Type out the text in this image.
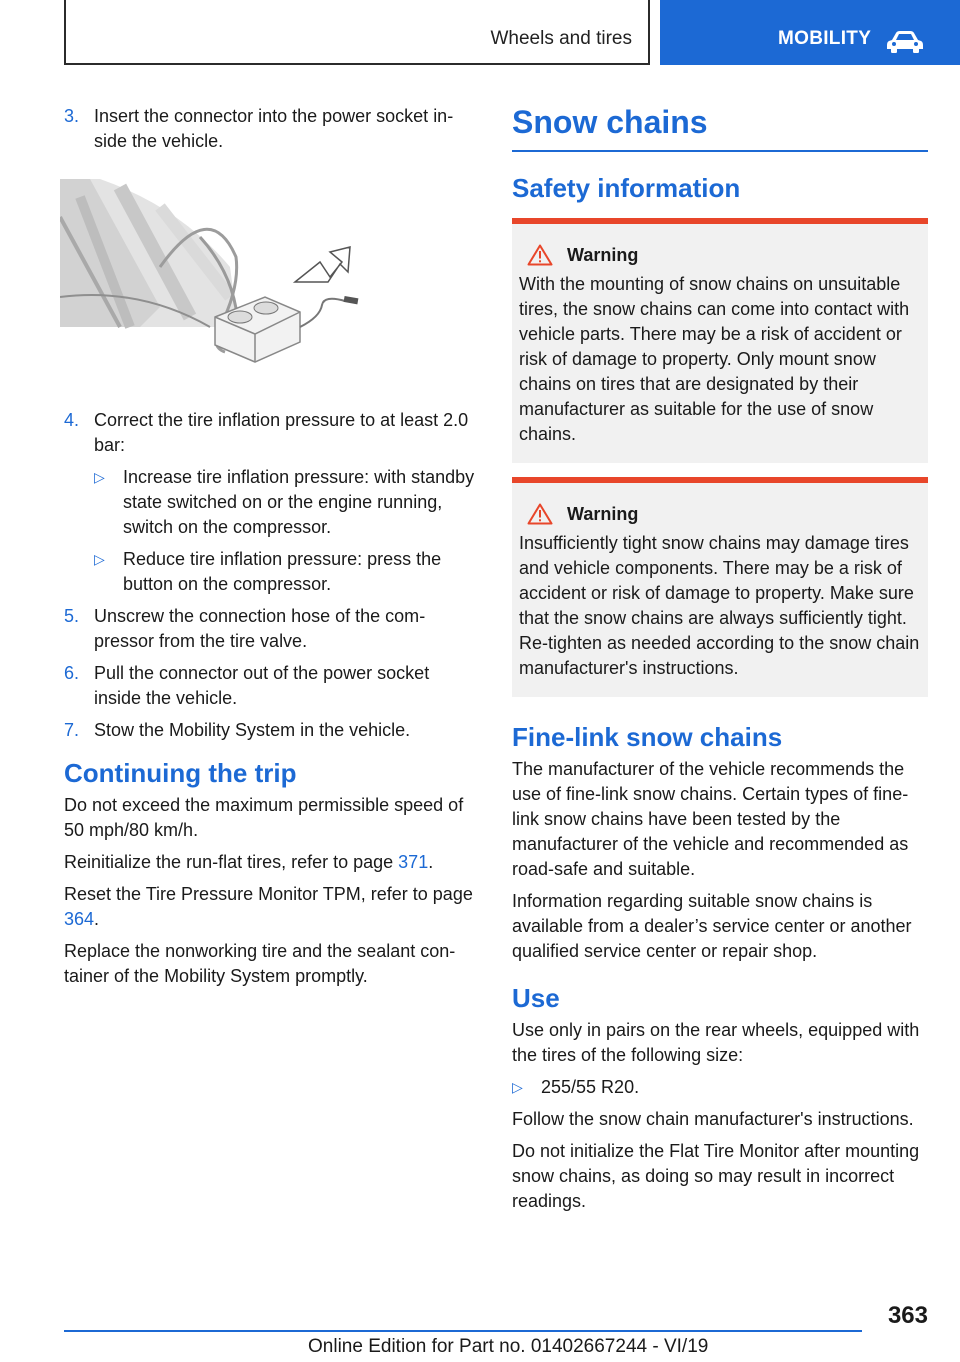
Wheels and tires	MOBILITY
3. Insert the connector into the power socket inside the vehicle.
4. Correct the tire inflation pressure to at least 2.0 bar:
▷ Increase tire inflation pressure: with standby state switched on or the engine running, switch on the compressor.
▷ Reduce tire inflation pressure: press the button on the compressor.
5. Unscrew the connection hose of the compressor from the tire valve.
6. Pull the connector out of the power socket inside the vehicle.
7. Stow the Mobility System in the vehicle.
Continuing the trip

Do not exceed the maximum permissible speed of 50 mph/80 km/h.

Reinitialize the run-flat tires, refer to page 371.

Reset the Tire Pressure Monitor TPM, refer to page 364.

Replace the nonworking tire and the sealant container of the Mobility System promptly.

Snow chains
Safety information
Warning

With the mounting of snow chains on unsuitable tires, the snow chains can come into contact with vehicle parts. There may be a risk of accident or risk of damage to property. Only mount snow chains on tires that are designated by their manufacturer as suitable for the use of snow chains.

Warning

Insufficiently tight snow chains may damage tires and vehicle components. There may be a risk of accident or risk of damage to property. Make sure that the snow chains are always sufficiently tight. Re-tighten as needed according to the snow chain manufacturer's instructions.

Fine-link snow chains

The manufacturer of the vehicle recommends the use of fine-link snow chains. Certain types of fine-link snow chains have been tested by the manufacturer of the vehicle and recommended as road-safe and suitable.

Information regarding suitable snow chains is available from a dealer’s service center or another qualified service center or repair shop.

Use

Use only in pairs on the rear wheels, equipped with the tires of the following size:

▷ 255/55 R20.

Follow the snow chain manufacturer's instructions.

Do not initialize the Flat Tire Monitor after mounting snow chains, as doing so may result in incorrect readings.

363
Online Edition for Part no. 01402667244 - VI/19
